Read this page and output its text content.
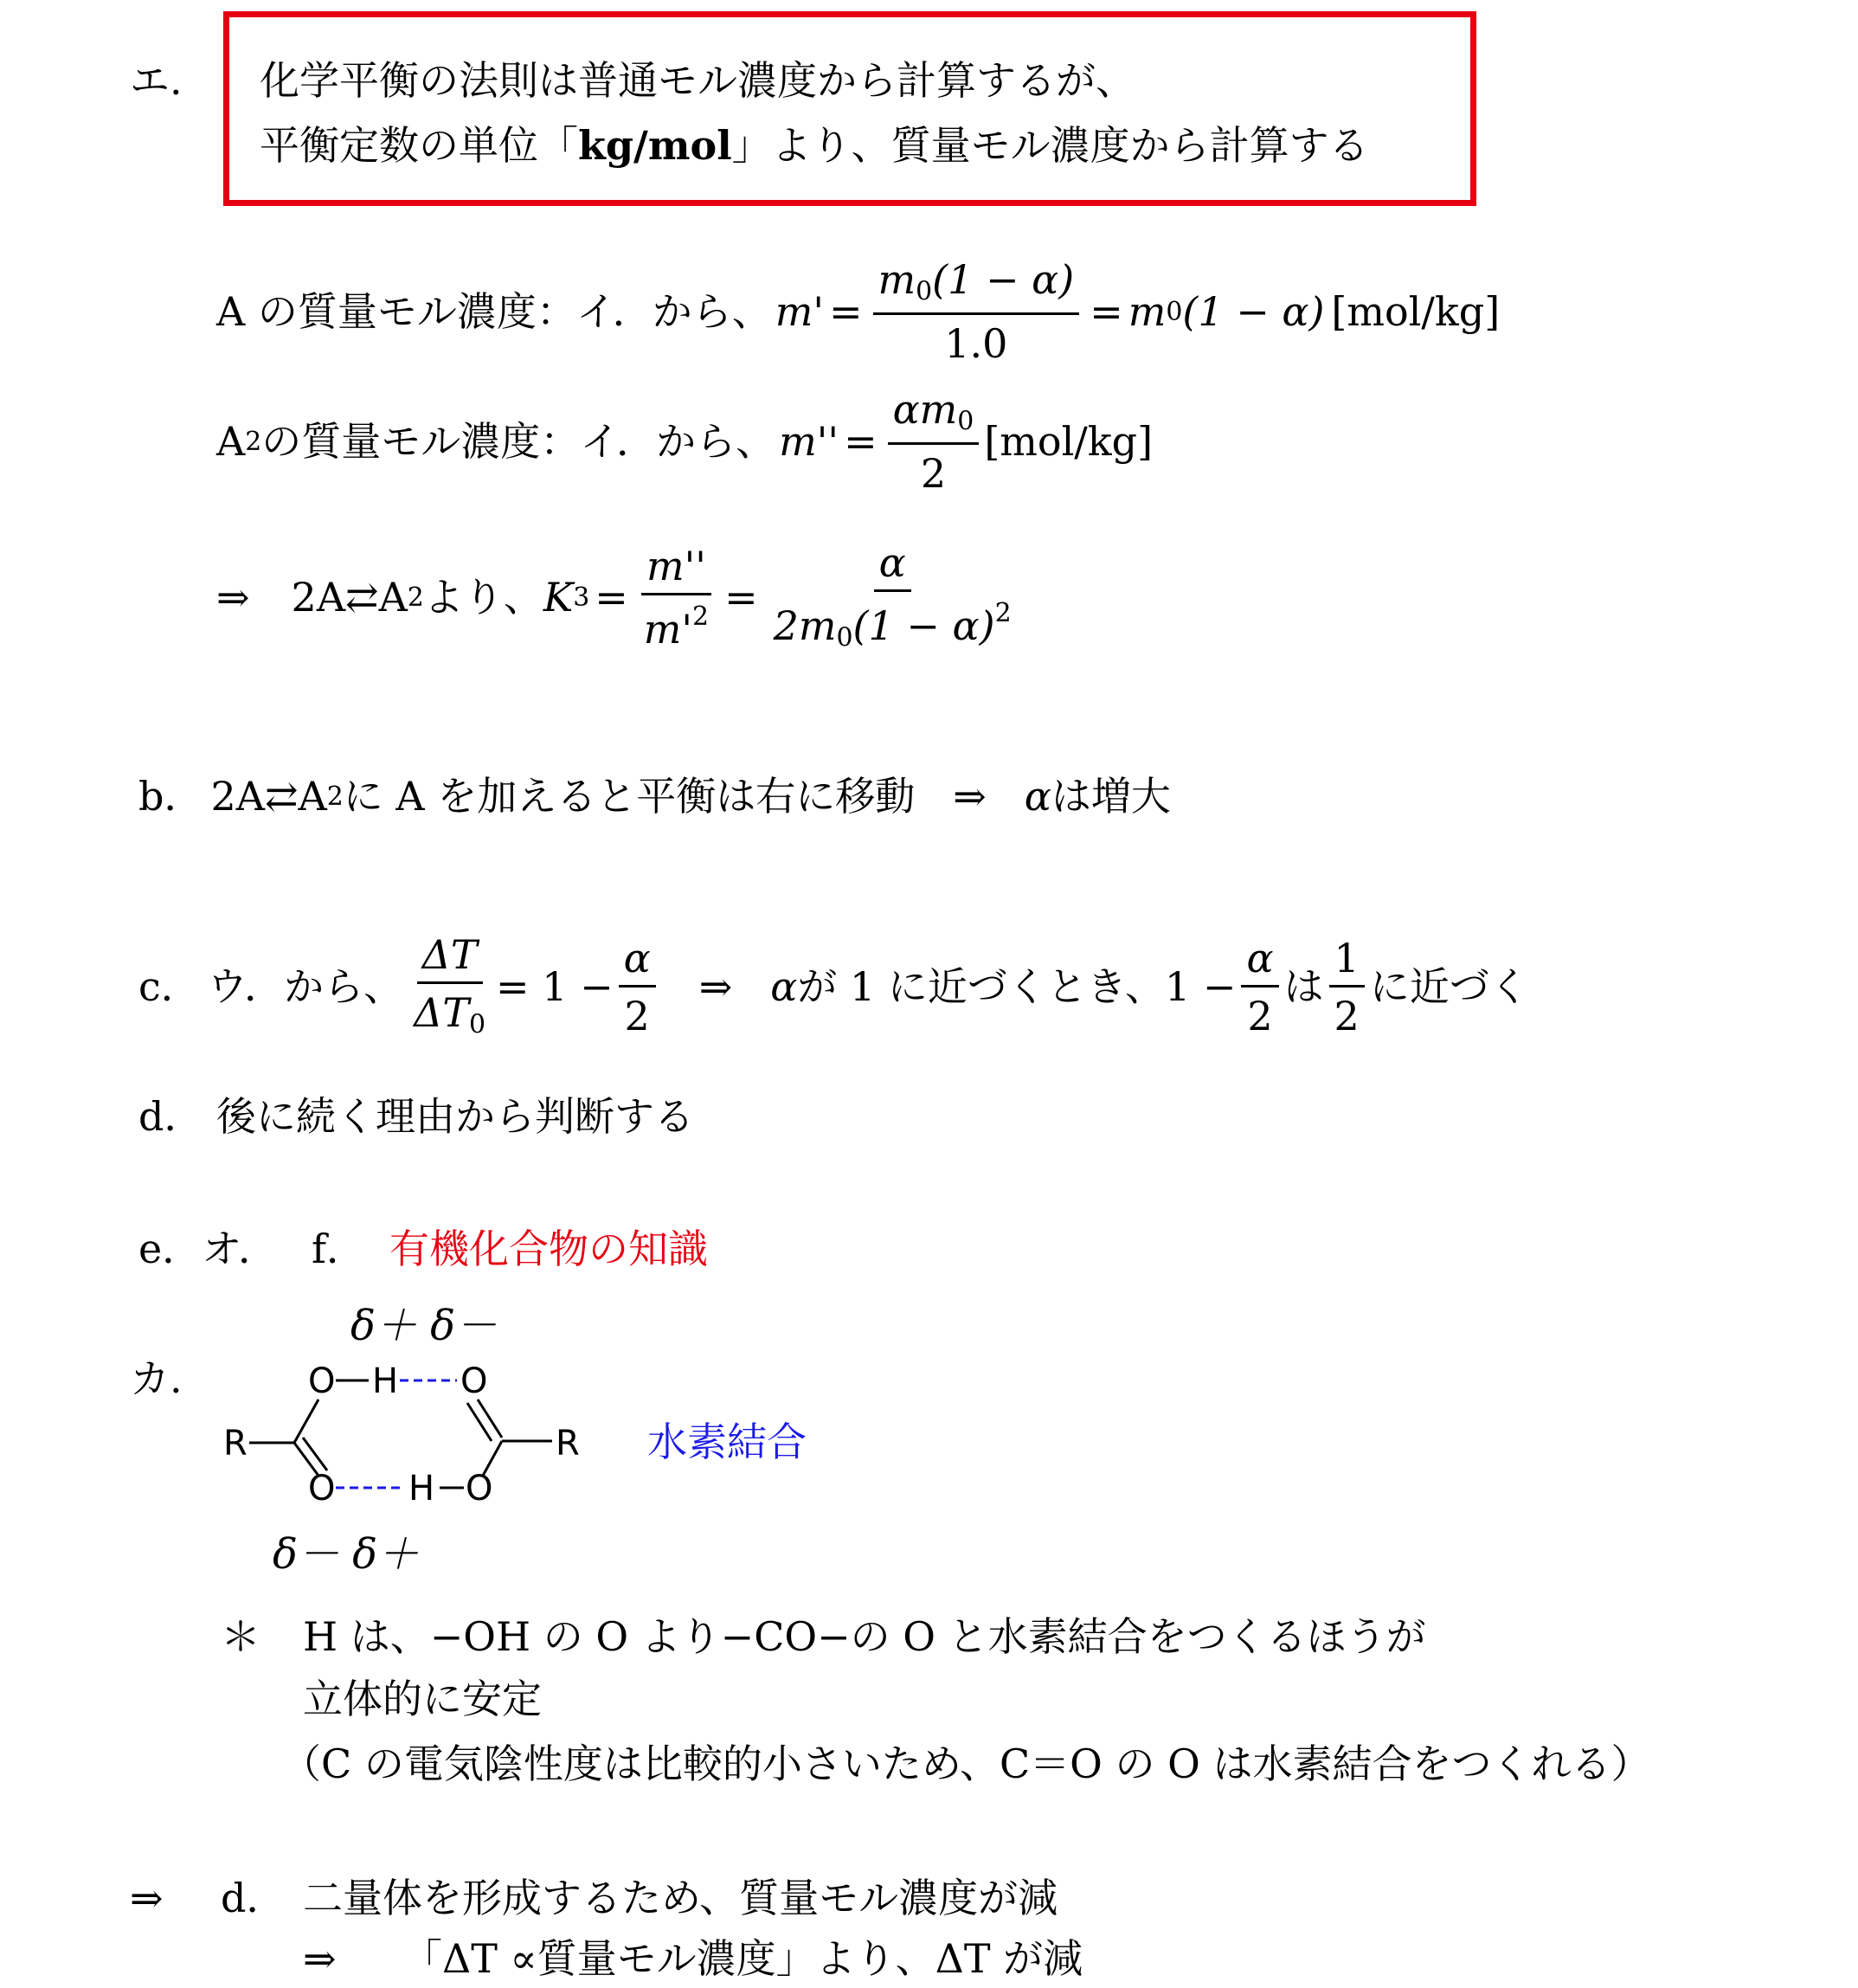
エ. 化学平衡の法則は普通モル濃度から計算するが、
平衡定数の単位「kg/mol」より、質量モル濃度から計算する
A の質量モル濃度：イ．から、 $m' = \frac{m_0(1 - \alpha)}{1.0} = m$ 0 (1 − α) [mol/kg]
A 2 の質量モル濃度：イ．から、 $m'' = \frac{\alpha m_0}{2} [mol/kg]$
⇒ 2A⇄A 2 より、 K $3 = \frac{m''}{m'^2} = \frac{\alpha}{2m_0(1 - \alpha)^2}$
b． 2A⇄A 2 に A を加えると平衡は右に移動 ⇒ α は増大
c． ウ．から、 $\frac{\Delta T}{\Delta T_0} = 1 - \frac{\alpha}{2}$ ⇒ α が 1 に近づくとき、$1 - \frac{\alpha}{2}$ は $\frac{1}{2}$ に近づく
d． 後に続く理由から判断する
e．オ． f． 有機化合物の知識
カ.
δ＋ δ－
δ－ δ＋
R	R
O H O
O H O
水素結合
＊ H は、−OH の O より−CO−の O と水素結合をつくるほうが
立体的に安定
（C の電気陰性度は比較的小さいため、C＝O の O は水素結合をつくれる）
⇒ d． 二量体を形成するため、質量モル濃度が減
⇒ 「ΔT ∝質量モル濃度」より、ΔT が減
